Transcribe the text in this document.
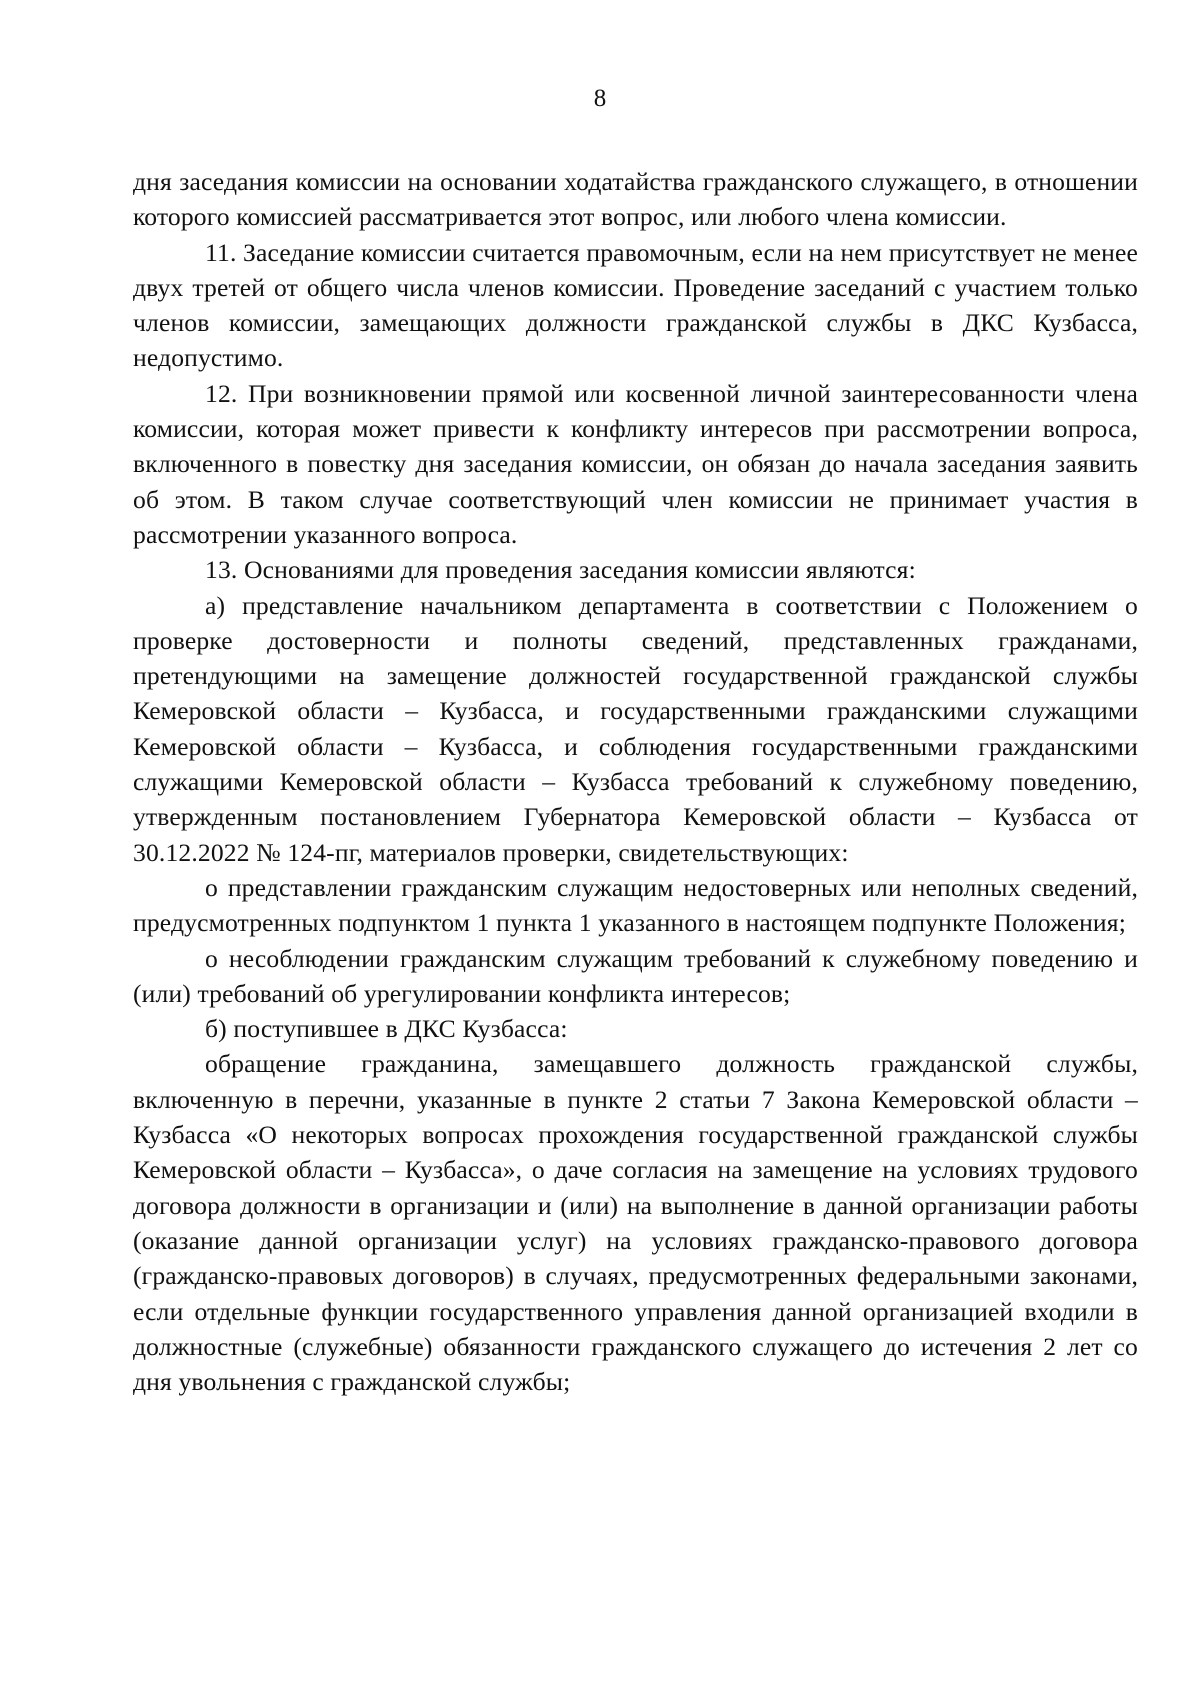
8

дня заседания комиссии на основании ходатайства гражданского служащего, в отношении которого комиссией рассматривается этот вопрос, или любого члена комиссии.

11. Заседание комиссии считается правомочным, если на нем присутствует не менее двух третей от общего числа членов комиссии. Проведение заседаний с участием только членов комиссии, замещающих должности гражданской службы в ДКС Кузбасса, недопустимо.

12. При возникновении прямой или косвенной личной заинтересованности члена комиссии, которая может привести к конфликту интересов при рассмотрении вопроса, включенного в повестку дня заседания комиссии, он обязан до начала заседания заявить об этом. В таком случае соответствующий член комиссии не принимает участия в рассмотрении указанного вопроса.

13. Основаниями для проведения заседания комиссии являются:

а) представление начальником департамента в соответствии с Положением о проверке достоверности и полноты сведений, представленных гражданами, претендующими на замещение должностей государственной гражданской службы Кемеровской области – Кузбасса, и государственными гражданскими служащими Кемеровской области – Кузбасса, и соблюдения государственными гражданскими служащими Кемеровской области – Кузбасса требований к служебному поведению, утвержденным постановлением Губернатора Кемеровской области – Кузбасса от 30.12.2022 № 124-пг, материалов проверки, свидетельствующих:

о представлении гражданским служащим недостоверных или неполных сведений, предусмотренных подпунктом 1 пункта 1 указанного в настоящем подпункте Положения;

о несоблюдении гражданским служащим требований к служебному поведению и (или) требований об урегулировании конфликта интересов;

б) поступившее в ДКС Кузбасса:

обращение гражданина, замещавшего должность гражданской службы, включенную в перечни, указанные в пункте 2 статьи 7 Закона Кемеровской области – Кузбасса «О некоторых вопросах прохождения государственной гражданской службы Кемеровской области – Кузбасса», о даче согласия на замещение на условиях трудового договора должности в организации и (или) на выполнение в данной организации работы (оказание данной организации услуг) на условиях гражданско-правового договора (гражданско-правовых договоров) в случаях, предусмотренных федеральными законами, если отдельные функции государственного управления данной организацией входили в должностные (служебные) обязанности гражданского служащего до истечения 2 лет со дня увольнения с гражданской службы;
